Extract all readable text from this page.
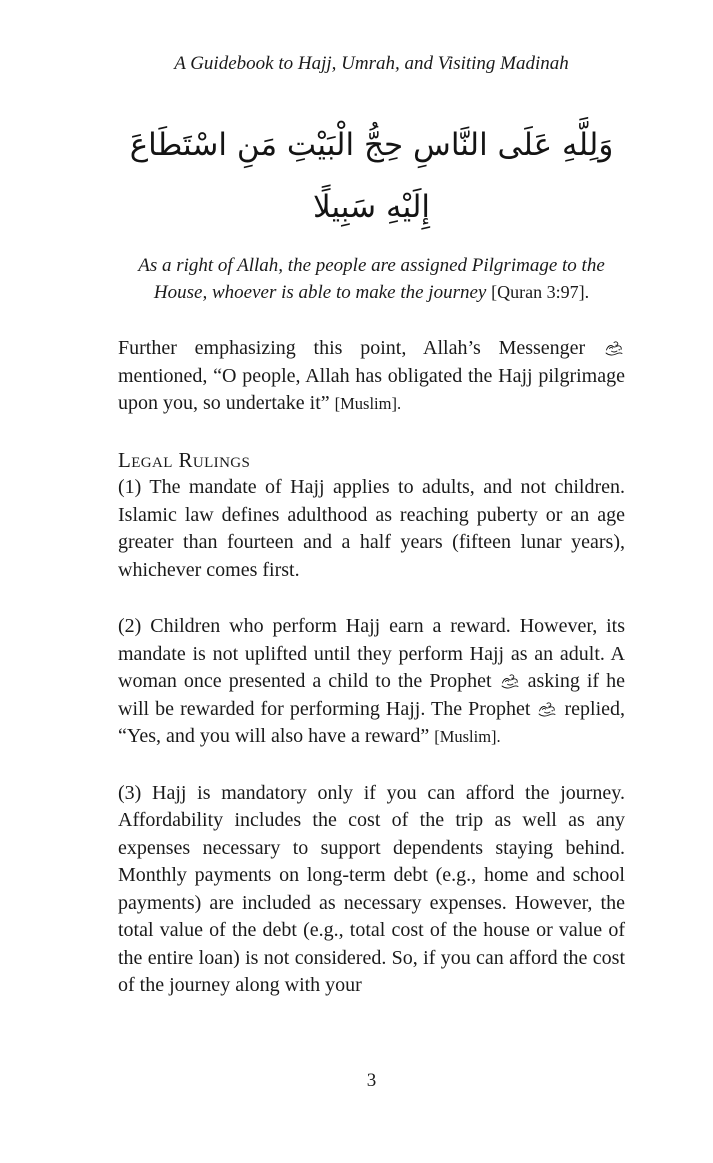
A Guidebook to Hajj, Umrah, and Visiting Madinah
وَلِلَّهِ عَلَى النَّاسِ حِجُّ الْبَيْتِ مَنِ اسْتَطَاعَ
إِلَيْهِ سَبِيلًا
As a right of Allah, the people are assigned Pilgrimage to the House, whoever is able to make the journey [Quran 3:97].

Further emphasizing this point, Allah’s Messenger  mentioned, “O people, Allah has obligated the Hajj pilgrimage upon you, so undertake it” [Muslim].

Legal Rulings

(1) The mandate of Hajj applies to adults, and not children. Islamic law defines adulthood as reaching puberty or an age greater than fourteen and a half years (fifteen lunar years), whichever comes first.

(2) Children who perform Hajj earn a reward. However, its mandate is not uplifted until they perform Hajj as an adult. A woman once presented a child to the Prophet asking if he will be rewarded for performing Hajj. The Prophet replied, “Yes, and you will also have a reward” [Muslim].

(3) Hajj is mandatory only if you can afford the journey. Affordability includes the cost of the trip as well as any expenses necessary to support dependents staying behind. Monthly payments on long-term debt (e.g., home and school payments) are included as necessary expenses. However, the total value of the debt (e.g., total cost of the house or value of the entire loan) is not considered. So, if you can afford the cost of the journey along with your

3
